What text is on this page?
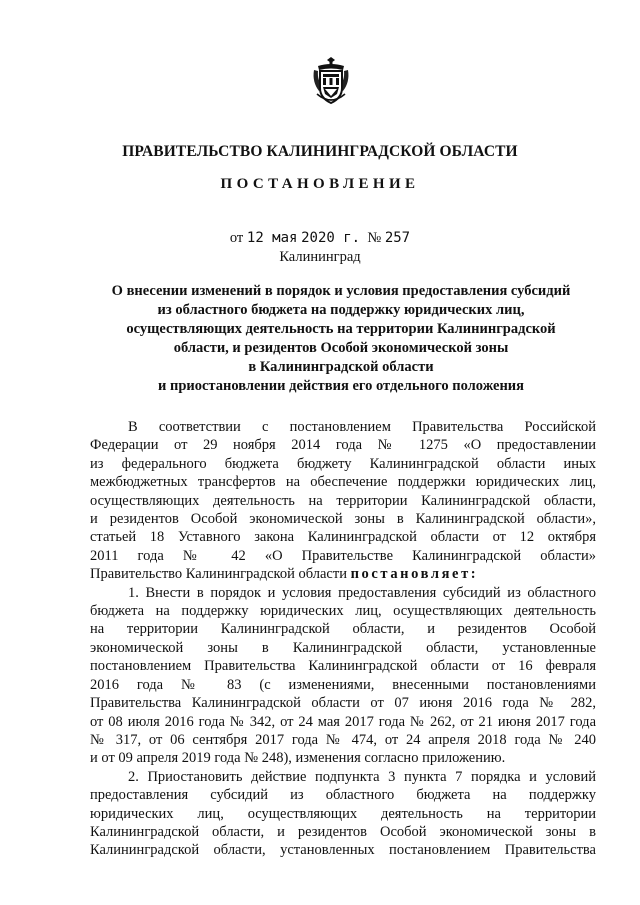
ПРАВИТЕЛЬСТВО КАЛИНИНГРАДСКОЙ ОБЛАСТИ
ПОСТАНОВЛЕНИЕ
от 12 мая 2020 г. № 257
Калининград
О внесении изменений в порядок и условия предоставления субсидий
из областного бюджета на поддержку юридических лиц,
осуществляющих деятельность на территории Калининградской
области, и резидентов Особой экономической зоны
в Калининградской области
и приостановлении действия его отдельного положения

В соответствии с постановлением Правительства Российской
Федерации от 29 ноября 2014 года № 1275 «О предоставлении
из федерального бюджета бюджету Калининградской области иных
межбюджетных трансфертов на обеспечение поддержки юридических лиц,
осуществляющих деятельность на территории Калининградской области,
и резидентов Особой экономической зоны в Калининградской области»,
статьей 18 Уставного закона Калининградской области от 12 октября
2011 года № 42 «О Правительстве Калининградской области»
Правительство Калининградской области постановляет:

1. Внести в порядок и условия предоставления субсидий из областного
бюджета на поддержку юридических лиц, осуществляющих деятельность
на территории Калининградской области, и резидентов Особой
экономической зоны в Калининградской области, установленные
постановлением Правительства Калининградской области от 16 февраля
2016 года № 83 (с изменениями, внесенными постановлениями
Правительства Калининградской области от 07 июня 2016 года № 282,
от 08 июля 2016 года № 342, от 24 мая 2017 года № 262, от 21 июня 2017 года
№ 317, от 06 сентября 2017 года № 474, от 24 апреля 2018 года № 240
и от 09 апреля 2019 года № 248), изменения согласно приложению.

2. Приостановить действие подпункта 3 пункта 7 порядка и условий
предоставления субсидий из областного бюджета на поддержку
юридических лиц, осуществляющих деятельность на территории
Калининградской области, и резидентов Особой экономической зоны в
Калининградской области, установленных постановлением Правительства
